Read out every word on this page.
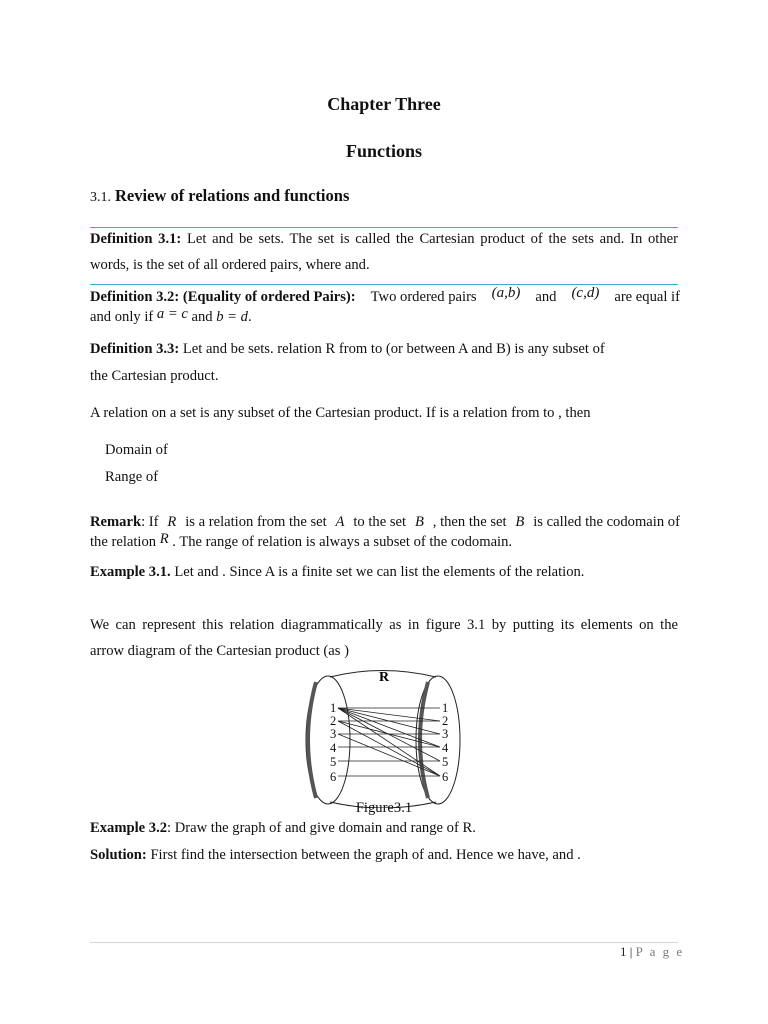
Chapter Three
Functions
3.1. Review of relations and functions
Definition 3.1: Let and be sets. The set is called the Cartesian product of the sets and. In other
words, is the set of all ordered pairs, where and.
Definition 3.2: (Equality of ordered Pairs): Two ordered pairs (a,b) and (c,d) are equal if
and only if a = c and b = d.
Definition 3.3: Let and be sets. relation R from to (or between A and B) is any subset of
the Cartesian product.
A relation on a set is any subset of the Cartesian product. If is a relation from to , then
Domain of
Range of
Remark: If R is a relation from the set A to the set B , then the set B is called the codomain of
the relation R . The range of relation is always a subset of the codomain.
Example 3.1. Let and . Since A is a finite set we can list the elements of the relation.
We can represent this relation diagrammatically as in figure 3.1 by putting its elements on the
arrow diagram of the Cartesian product (as )
R
1
2
3
4
5
6
1
2
3
4
5
6
Figure3.1
Example 3.2: Draw the graph of and give domain and range of R.
Solution: First find the intersection between the graph of and. Hence we have, and .
1 | P a g e
